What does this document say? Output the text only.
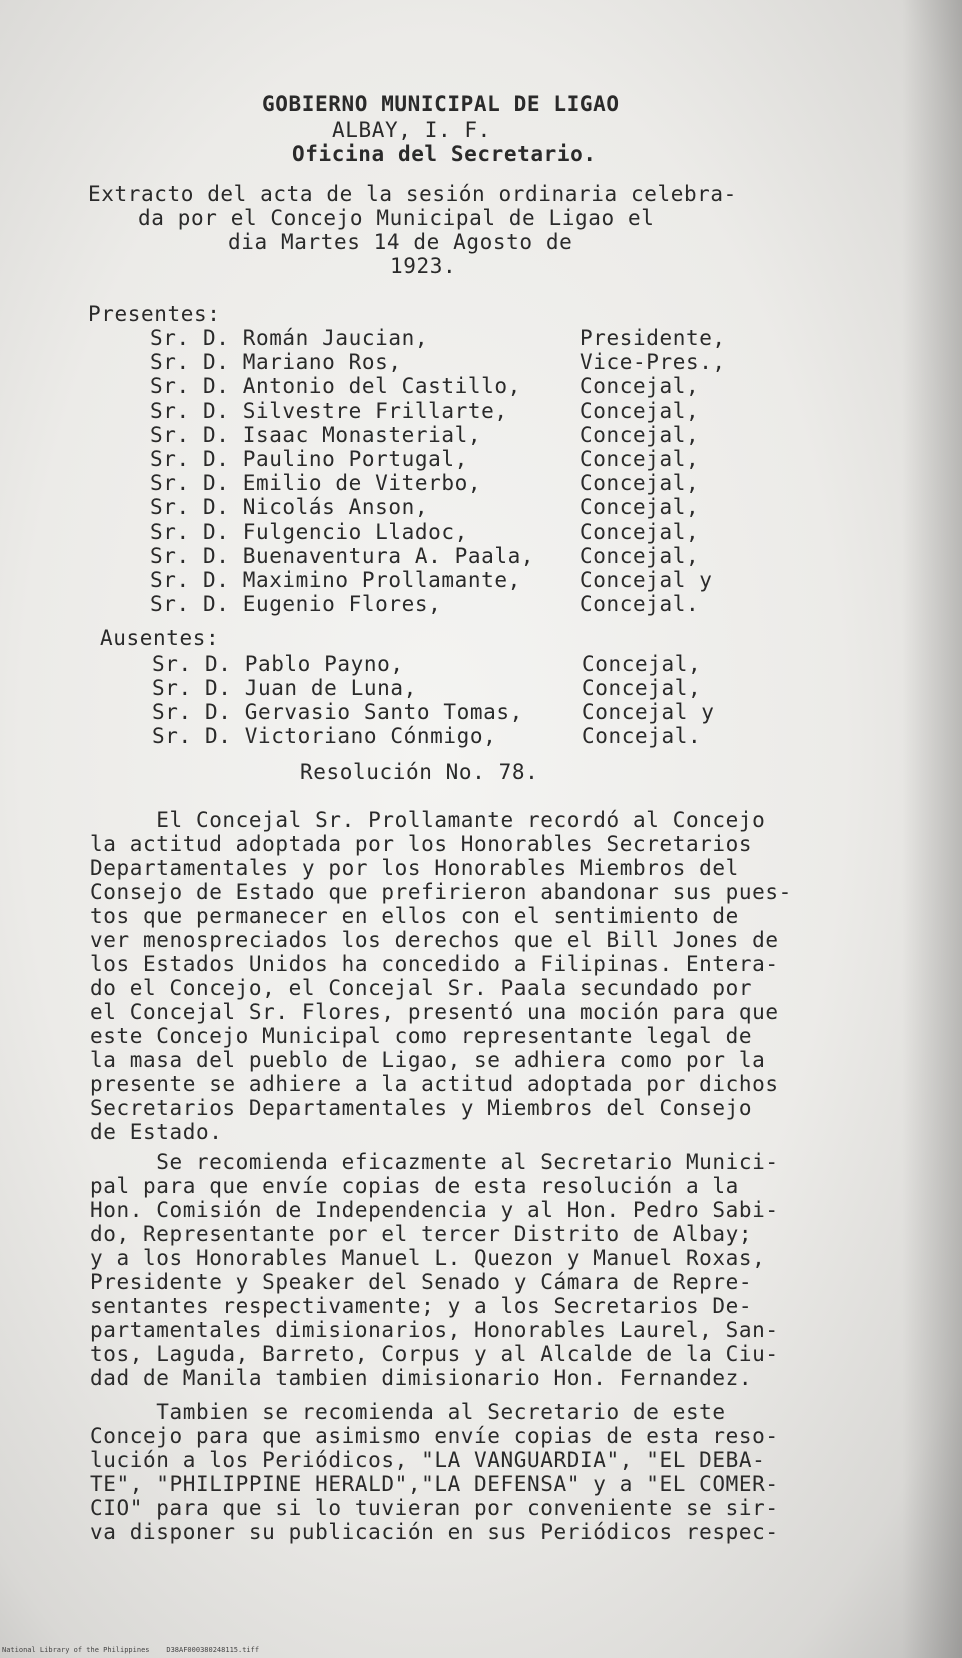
GOBIERNO MUNICIPAL DE LIGAO
ALBAY, I. F.
Oficina del Secretario.
Extracto del acta de la sesión ordinaria celebra-
da por el Concejo Municipal de Ligao el
dia Martes 14 de Agosto de
1923.
Presentes:
Sr. D. Román Jaucian,	Presidente,
Sr. D. Mariano Ros,	Vice-Pres.,
Sr. D. Antonio del Castillo,	Concejal,
Sr. D. Silvestre Frillarte,	Concejal,
Sr. D. Isaac Monasterial,	Concejal,
Sr. D. Paulino Portugal,	Concejal,
Sr. D. Emilio de Viterbo,	Concejal,
Sr. D. Nicolás Anson,	Concejal,
Sr. D. Fulgencio Lladoc,	Concejal,
Sr. D. Buenaventura A. Paala, Concejal,
Sr. D. Maximino Prollamante,	Concejal y
Sr. D. Eugenio Flores,	Concejal.
Ausentes:
Sr. D. Pablo Payno,	Concejal,
Sr. D. Juan de Luna,	Concejal,
Sr. D. Gervasio Santo Tomas,	Concejal y
Sr. D. Victoriano Cónmigo,	Concejal.
Resolución No. 78.
El Concejal Sr. Prollamante recordó al Concejo
la actitud adoptada por los Honorables Secretarios
Departamentales y por los Honorables Miembros del
Consejo de Estado que prefirieron abandonar sus pues-
tos que permanecer en ellos con el sentimiento de
ver menospreciados los derechos que el Bill Jones de
los Estados Unidos ha concedido a Filipinas. Entera-
do el Concejo, el Concejal Sr. Paala secundado por
el Concejal Sr. Flores, presentó una moción para que
este Concejo Municipal como representante legal de
la masa del pueblo de Ligao, se adhiera como por la
presente se adhiere a la actitud adoptada por dichos
Secretarios Departamentales y Miembros del Consejo
de Estado.
Se recomienda eficazmente al Secretario Munici-
pal para que envíe copias de esta resolución a la
Hon. Comisión de Independencia y al Hon. Pedro Sabi-
do, Representante por el tercer Distrito de Albay;
y a los Honorables Manuel L. Quezon y Manuel Roxas,
Presidente y Speaker del Senado y Cámara de Repre-
sentantes respectivamente; y a los Secretarios De-
partamentales dimisionarios, Honorables Laurel, San-
tos, Laguda, Barreto, Corpus y al Alcalde de la Ciu-
dad de Manila tambien dimisionario Hon. Fernandez.
Tambien se recomienda al Secretario de este
Concejo para que asimismo envíe copias de esta reso-
lución a los Periódicos, "LA VANGUARDIA", "EL DEBA-
TE", "PHILIPPINE HERALD","LA DEFENSA" y a "EL COMER-
CIO" para que si lo tuvieran por conveniente se sir-
va disponer su publicación en sus Periódicos respec-
National Library of the Philippines    D38AF000380248115.tiff
